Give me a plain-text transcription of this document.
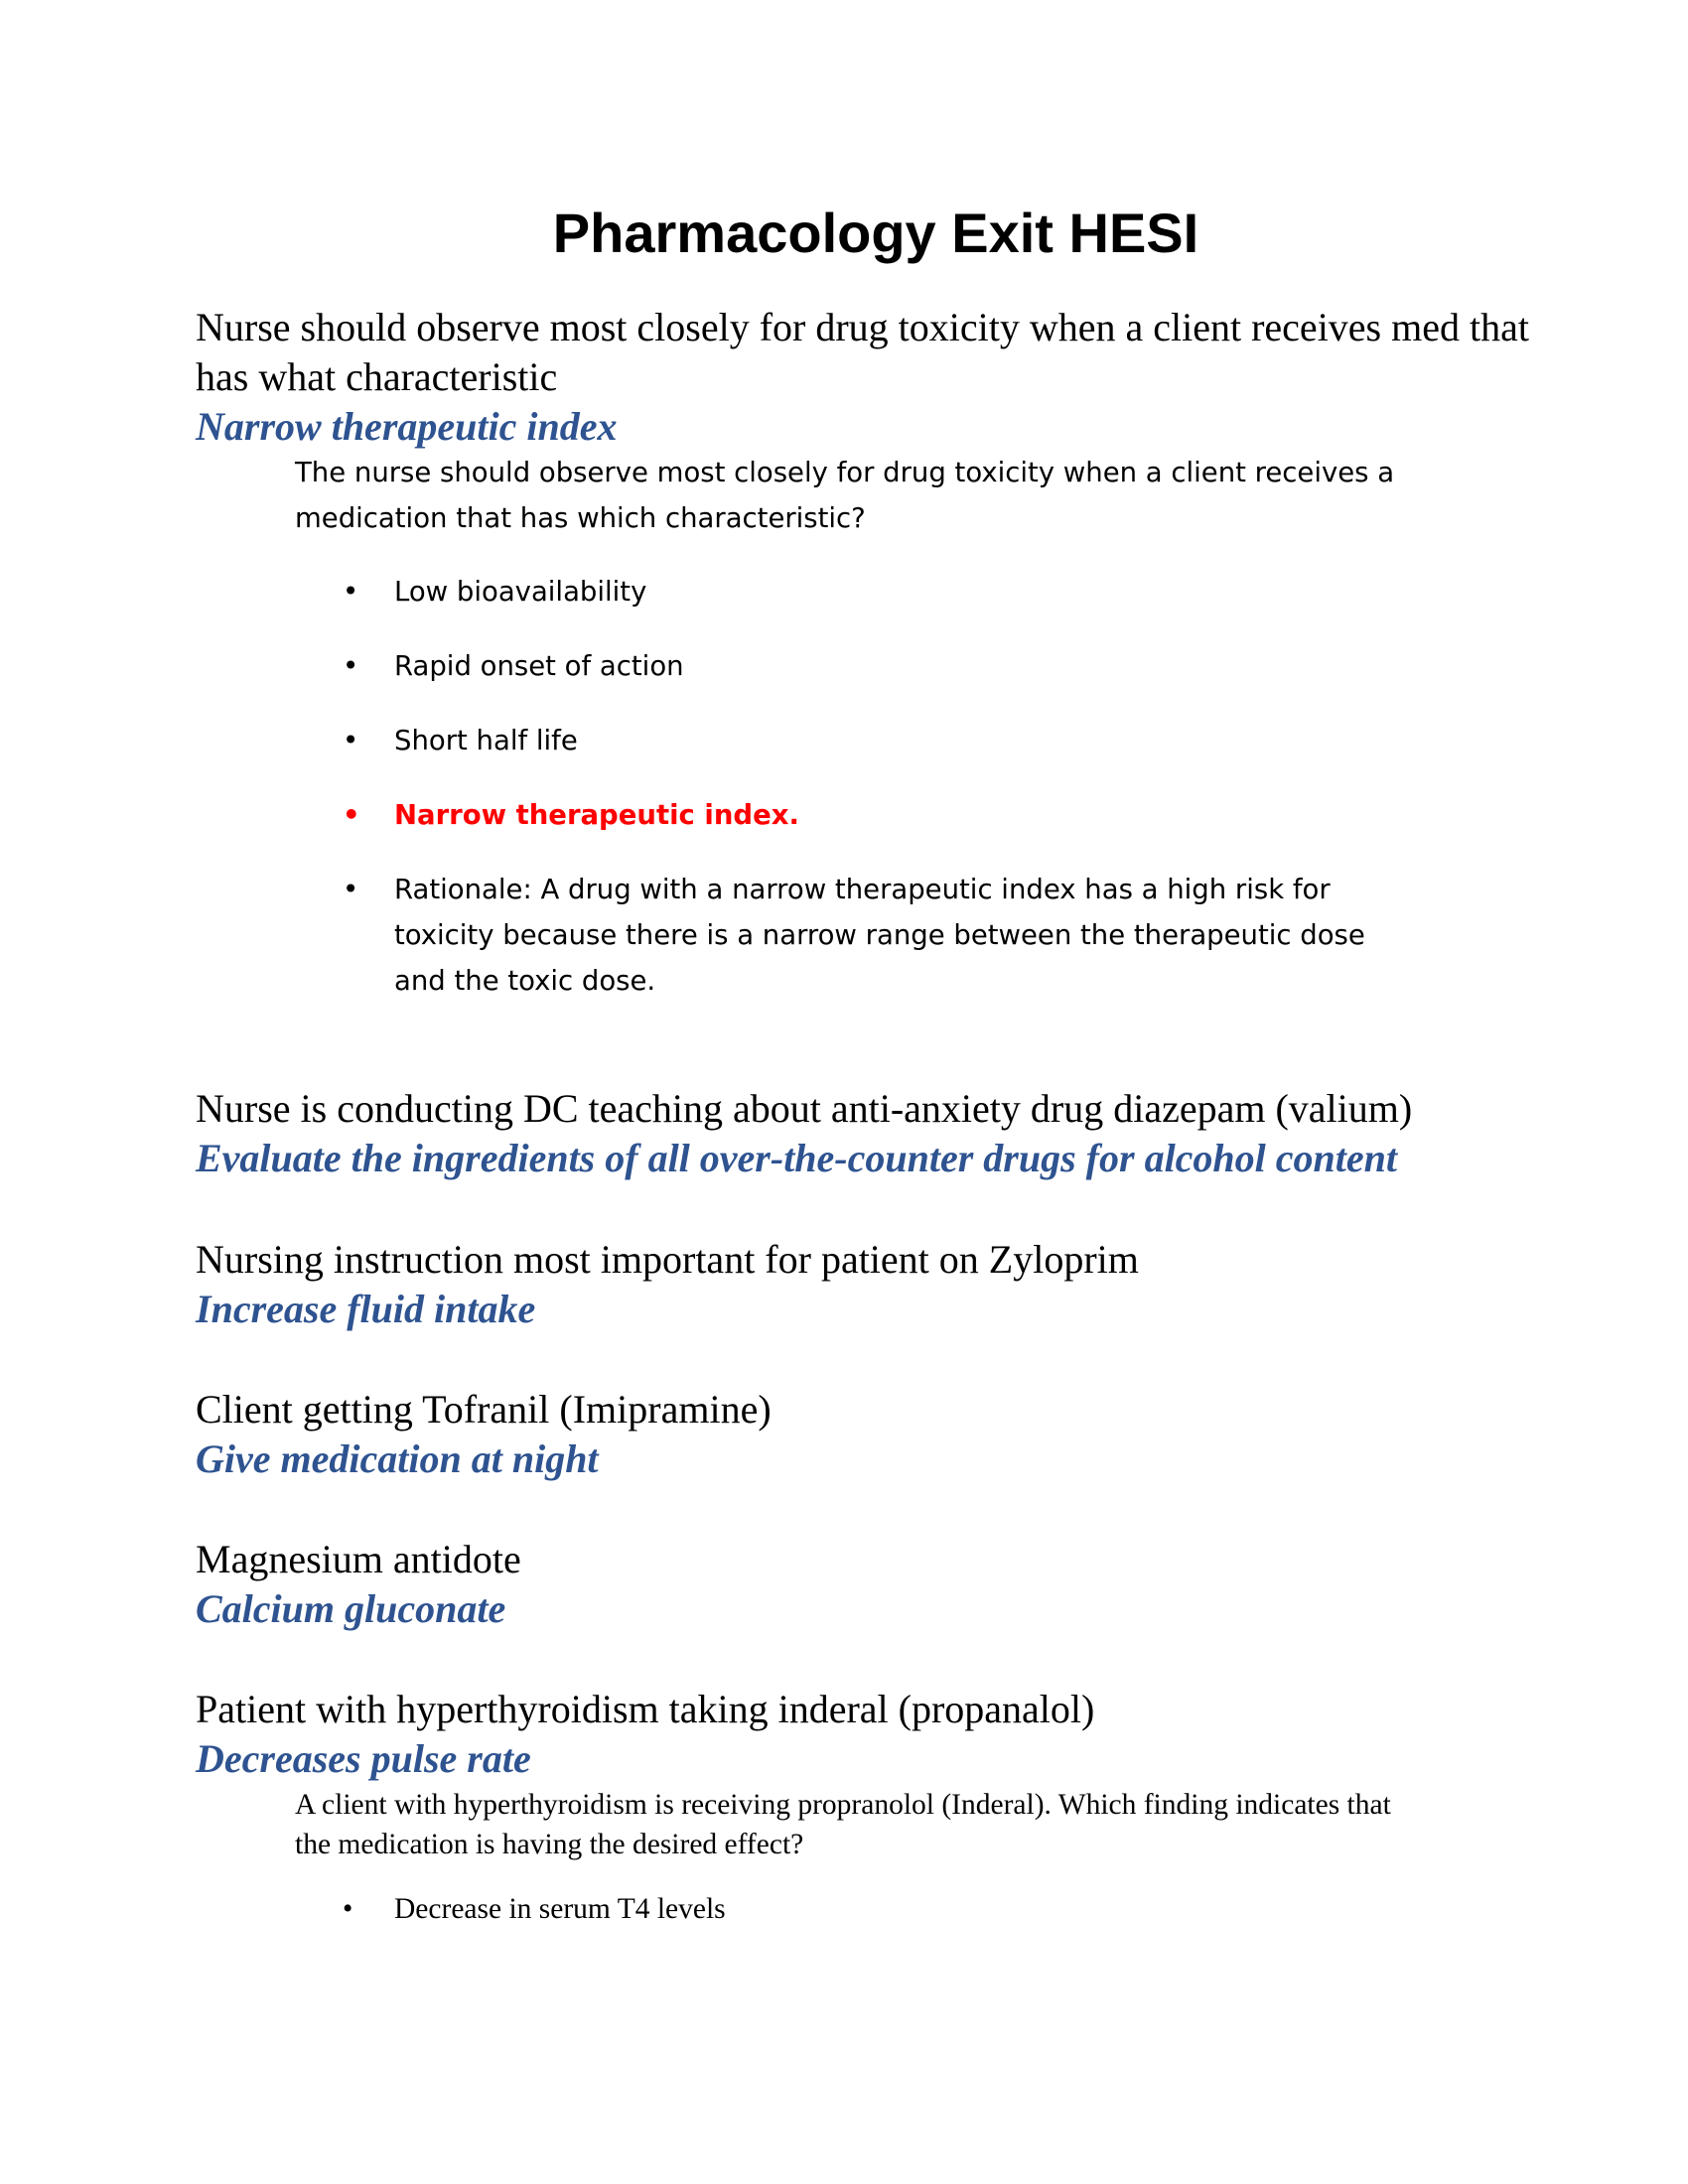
Pharmacology Exit HESI

Nurse should observe most closely for drug toxicity when a client receives med that has what characteristic

Narrow therapeutic index

The nurse should observe most closely for drug toxicity when a client receives a medication that has which characteristic?

• Low bioavailability
• Rapid onset of action
• Short half life
• Narrow therapeutic index.
• Rationale: A drug with a narrow therapeutic index has a high risk for toxicity because there is a narrow range between the therapeutic dose and the toxic dose.

Nurse is conducting DC teaching about anti-anxiety drug diazepam (valium)

Evaluate the ingredients of all over-the-counter drugs for alcohol content

Nursing instruction most important for patient on Zyloprim

Increase fluid intake

Client getting Tofranil (Imipramine)

Give medication at night

Magnesium antidote

Calcium gluconate

Patient with hyperthyroidism taking inderal (propanalol)

Decreases pulse rate

A client with hyperthyroidism is receiving propranolol (Inderal). Which finding indicates that the medication is having the desired effect?

• Decrease in serum T4 levels
